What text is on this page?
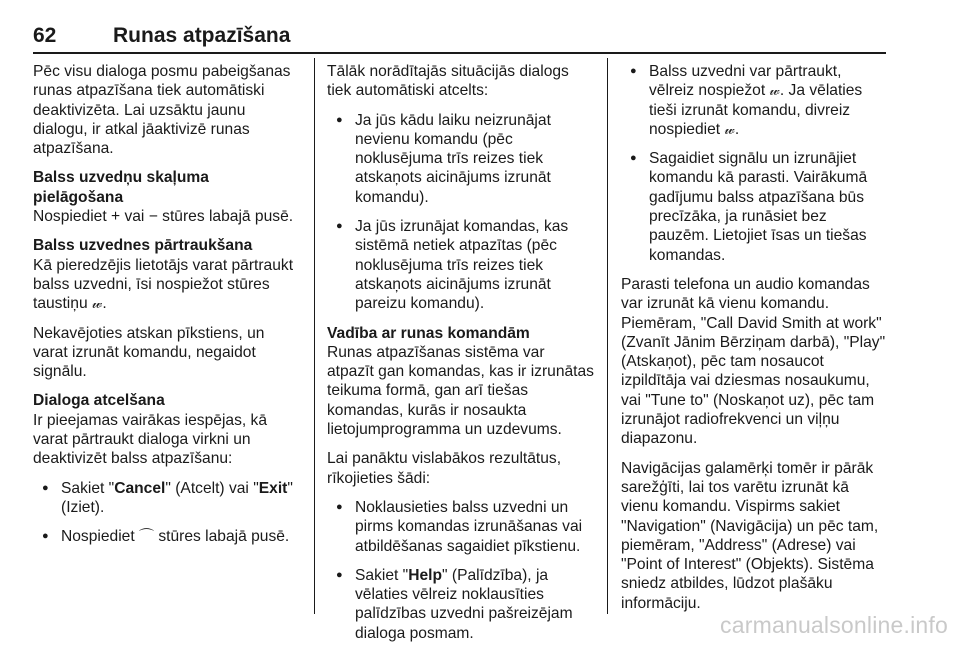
62	Runas atpazīšana

Pēc visu dialoga posmu pabeigšanas runas atpazīšana tiek automātiski deaktivizēta. Lai uzsāktu jaunu dialogu, ir atkal jāaktivizē runas atpazīšana.

Balss uzvedņu skaļuma pielāgošana

Nospiediet + vai − stūres labajā pusē.

Balss uzvednes pārtraukšana

Kā pieredzējis lietotājs varat pārtraukt balss uzvedni, īsi nospiežot stūres taustiņu 𝓌.

Nekavējoties atskan pīkstiens, un varat izrunāt komandu, negaidot signālu.

Dialoga atcelšana

Ir pieejamas vairākas iespējas, kā varat pārtraukt dialoga virkni un deaktivizēt balss atpazīšanu:

● Sakiet "Cancel" (Atcelt) vai "Exit" (Iziet).
● Nospiediet ⌒ stūres labajā pusē.

Tālāk norādītajās situācijās dialogs tiek automātiski atcelts:

● Ja jūs kādu laiku neizrunājat nevienu komandu (pēc noklusējuma trīs reizes tiek atskaņots aicinājums izrunāt komandu).
● Ja jūs izrunājat komandas, kas sistēmā netiek atpazītas (pēc noklusējuma trīs reizes tiek atskaņots aicinājums izrunāt pareizu komandu).

Vadība ar runas komandām

Runas atpazīšanas sistēma var atpazīt gan komandas, kas ir izrunātas teikuma formā, gan arī tiešas komandas, kurās ir nosaukta lietojumprogramma un uzdevums.

Lai panāktu vislabākos rezultātus, rīkojieties šādi:

● Noklausieties balss uzvedni un pirms komandas izrunāšanas vai atbildēšanas sagaidiet pīkstienu.
● Sakiet "Help" (Palīdzība), ja vēlaties vēlreiz noklausīties palīdzības uzvedni pašreizējam dialoga posmam.
● Balss uzvedni var pārtraukt, vēlreiz nospiežot 𝓌. Ja vēlaties tieši izrunāt komandu, divreiz nospiediet 𝓌.
● Sagaidiet signālu un izrunājiet komandu kā parasti. Vairākumā gadījumu balss atpazīšana būs precīzāka, ja runāsiet bez pauzēm. Lietojiet īsas un tiešas komandas.

Parasti telefona un audio komandas var izrunāt kā vienu komandu. Piemēram, "Call David Smith at work" (Zvanīt Jānim Bērziņam darbā), "Play" (Atskaņot), pēc tam nosaucot izpildītāja vai dziesmas nosaukumu, vai "Tune to" (Noskaņot uz), pēc tam izrunājot radiofrekvenci un viļņu diapazonu.

Navigācijas galamērķi tomēr ir pārāk sarežģīti, lai tos varētu izrunāt kā vienu komandu. Vispirms sakiet "Navigation" (Navigācija) un pēc tam, piemēram, "Address" (Adrese) vai "Point of Interest" (Objekts). Sistēma sniedz atbildes, lūdzot plašāku informāciju.

carmanualsonline.info
